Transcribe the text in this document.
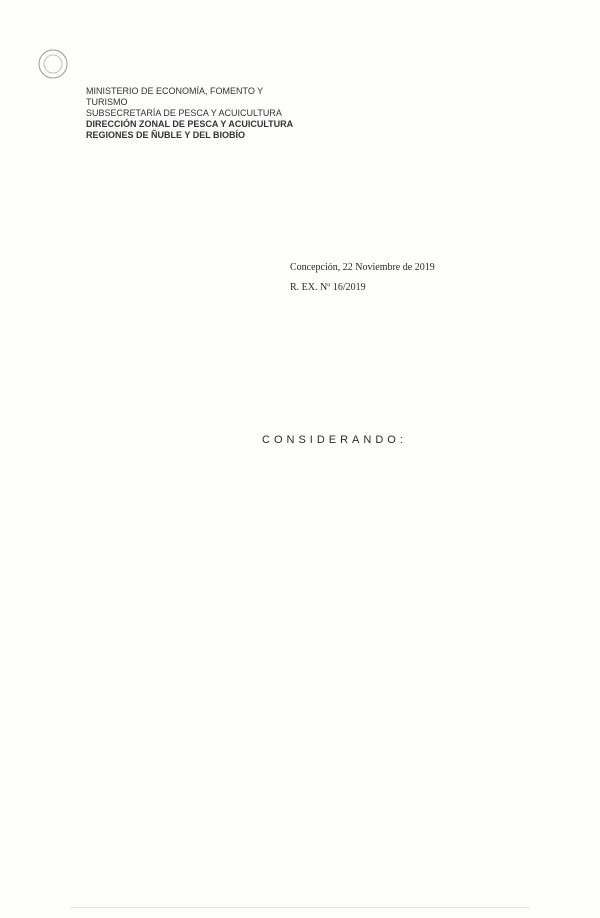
MINISTERIO DE ECONOMÍA, FOMENTO Y TURISMO
SUBSECRETARÍA DE PESCA Y ACUICULTURA
DIRECCIÓN ZONAL DE PESCA Y ACUICULTURA
REGIONES DE ÑUBLE Y DEL BIOBÍO
Concepción, 22 Noviembre de 2019
R. EX. Nº 16/2019
CONSIDERANDO:
